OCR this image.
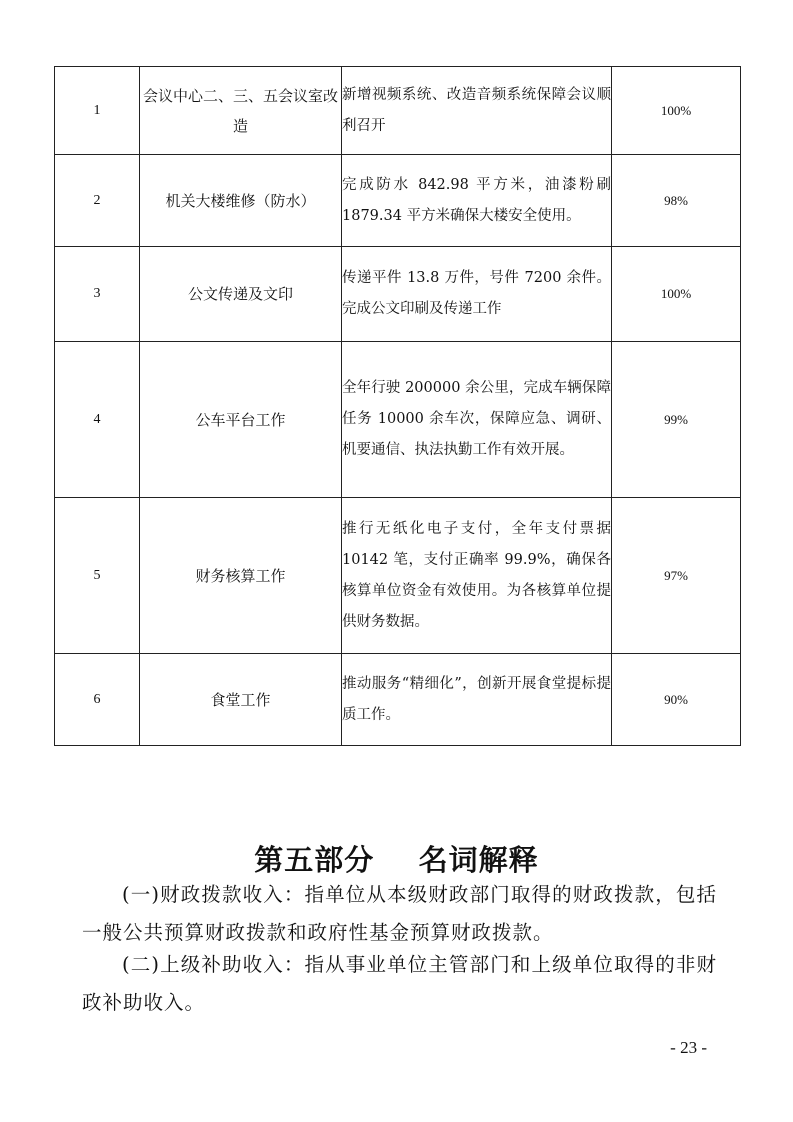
1	会议中心二、三、五会议室改造	新增视频系统、改造音频系统保障会议顺利召开	100%
2	机关大楼维修（防水）	完成防水 842.98 平方米，油漆粉刷 1879.34 平方米确保大楼安全使用。	98%
3	公文传递及文印	传递平件 13.8 万件，号件 7200 余件。完成公文印刷及传递工作	100%
4	公车平台工作	全年行驶 200000 余公里，完成车辆保障任务 10000 余车次，保障应急、调研、机要通信、执法执勤工作有效开展。	99%
5	财务核算工作	推行无纸化电子支付，全年支付票据 10142 笔，支付正确率 99.9%，确保各核算单位资金有效使用。为各核算单位提供财务数据。	97%
6	食堂工作	推动服务“精细化”，创新开展食堂提标提质工作。	90%
第五部分    名词解释

(一)财政拨款收入：指单位从本级财政部门取得的财政拨款，包括一般公共预算财政拨款和政府性基金预算财政拨款。

(二)上级补助收入：指从事业单位主管部门和上级单位取得的非财政补助收入。

- 23 -
